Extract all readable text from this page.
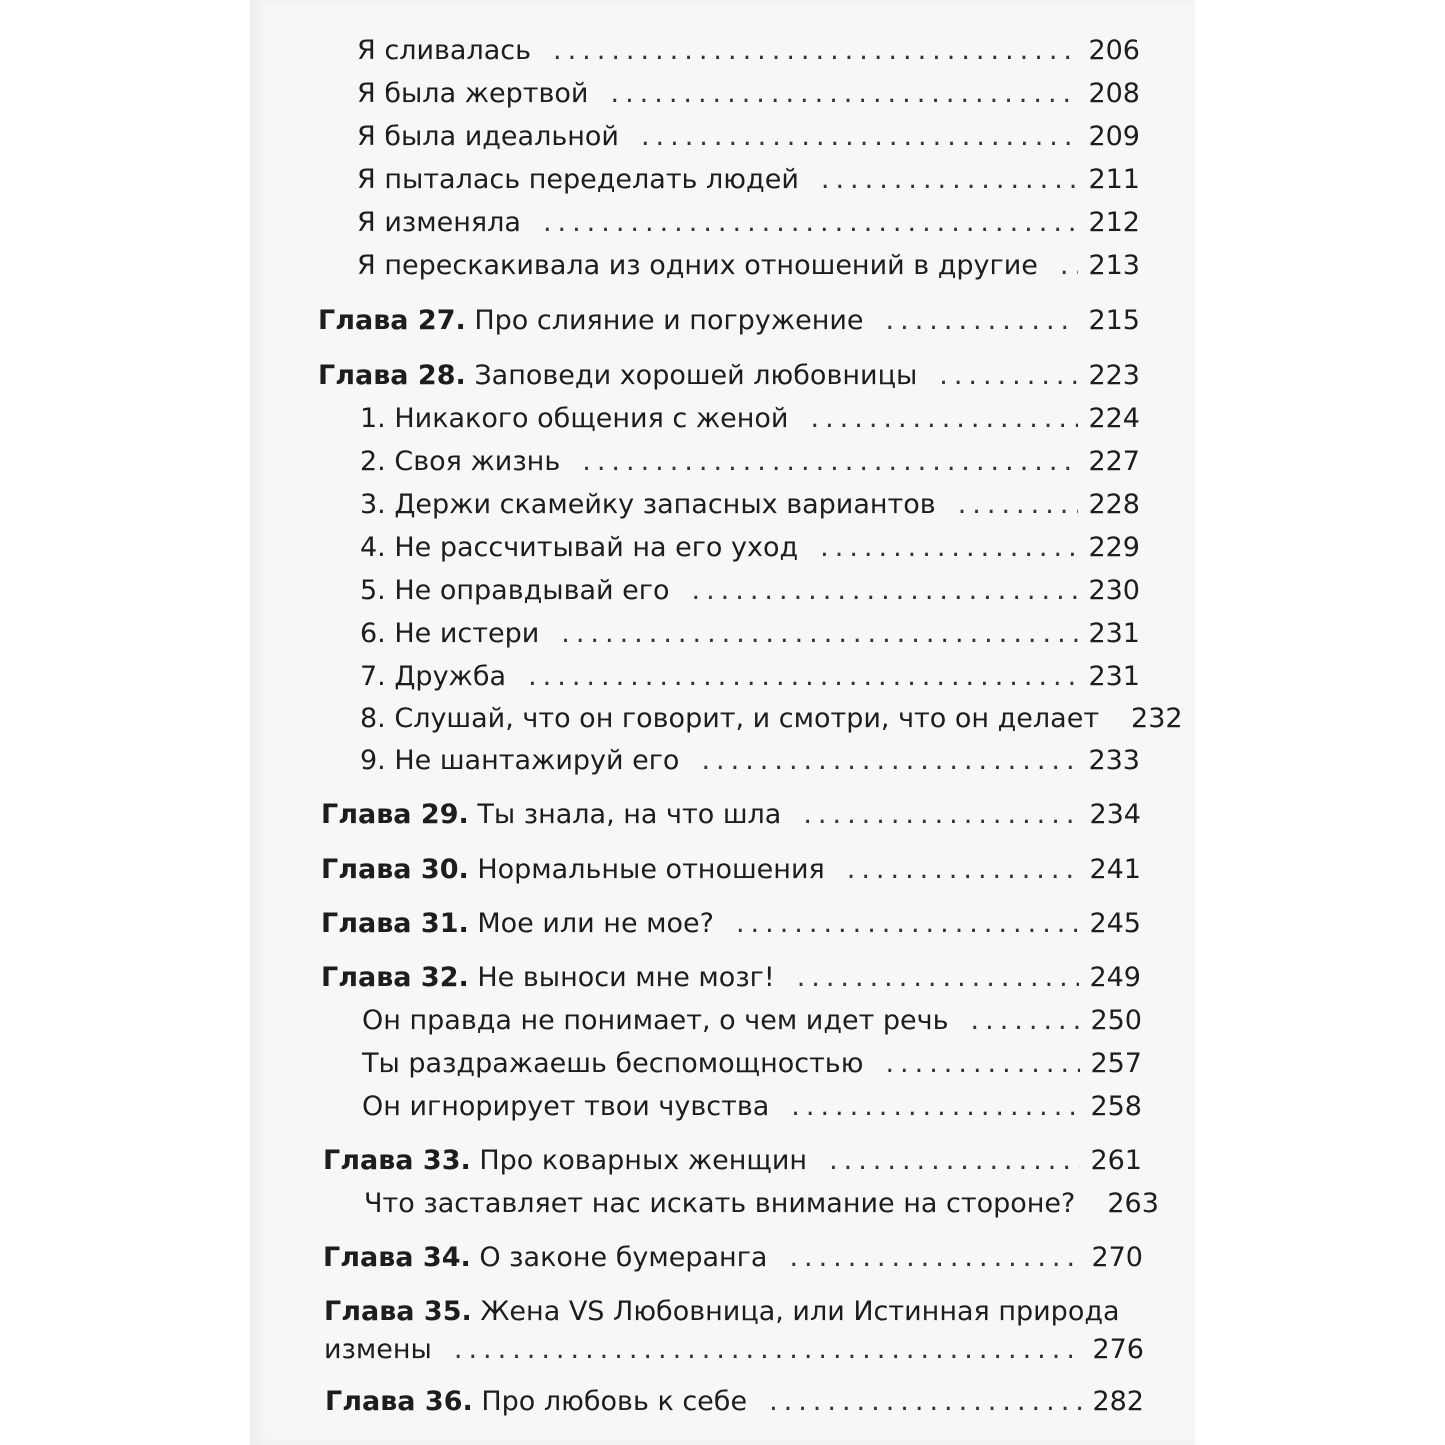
Я сливалась .....	206
Я была жертвой .....	208
Я была идеальной .....	209
Я пыталась переделать людей .....	211
Я изменяла .....	212
Я перескакивала из одних отношений в другие ..... 213
Глава 27. Про слияние и погружение .....	215
Глава 28. Заповеди хорошей любовницы .....	223
1. Никакого общения с женой .....	224
2. Своя жизнь .....	227
3. Держи скамейку запасных вариантов .....	228
4. Не рассчитывай на его уход .....	229
5. Не оправдывай его .....	230
6. Не истери .....	231
7. Дружба .....	231
8. Слушай, что он говорит, и смотри, что он делает 232
9. Не шантажируй его .....	233
Глава 29. Ты знала, на что шла .....	234
Глава 30. Нормальные отношения .....	241
Глава 31. Мое или не мое? .....	245
Глава 32. Не выноси мне мозг! .....	249
Он правда не понимает, о чем идет речь .....	250
Ты раздражаешь беспомощностью .....	257
Он игнорирует твои чувства .....	258
Глава 33. Про коварных женщин .....	261
Что заставляет нас искать внимание на стороне? 263
Глава 34. О законе бумеранга .....	270
Глава 35. Жена VS Любовница, или Истинная природа
измены .....	276
Глава 36. Про любовь к себе .....	282
